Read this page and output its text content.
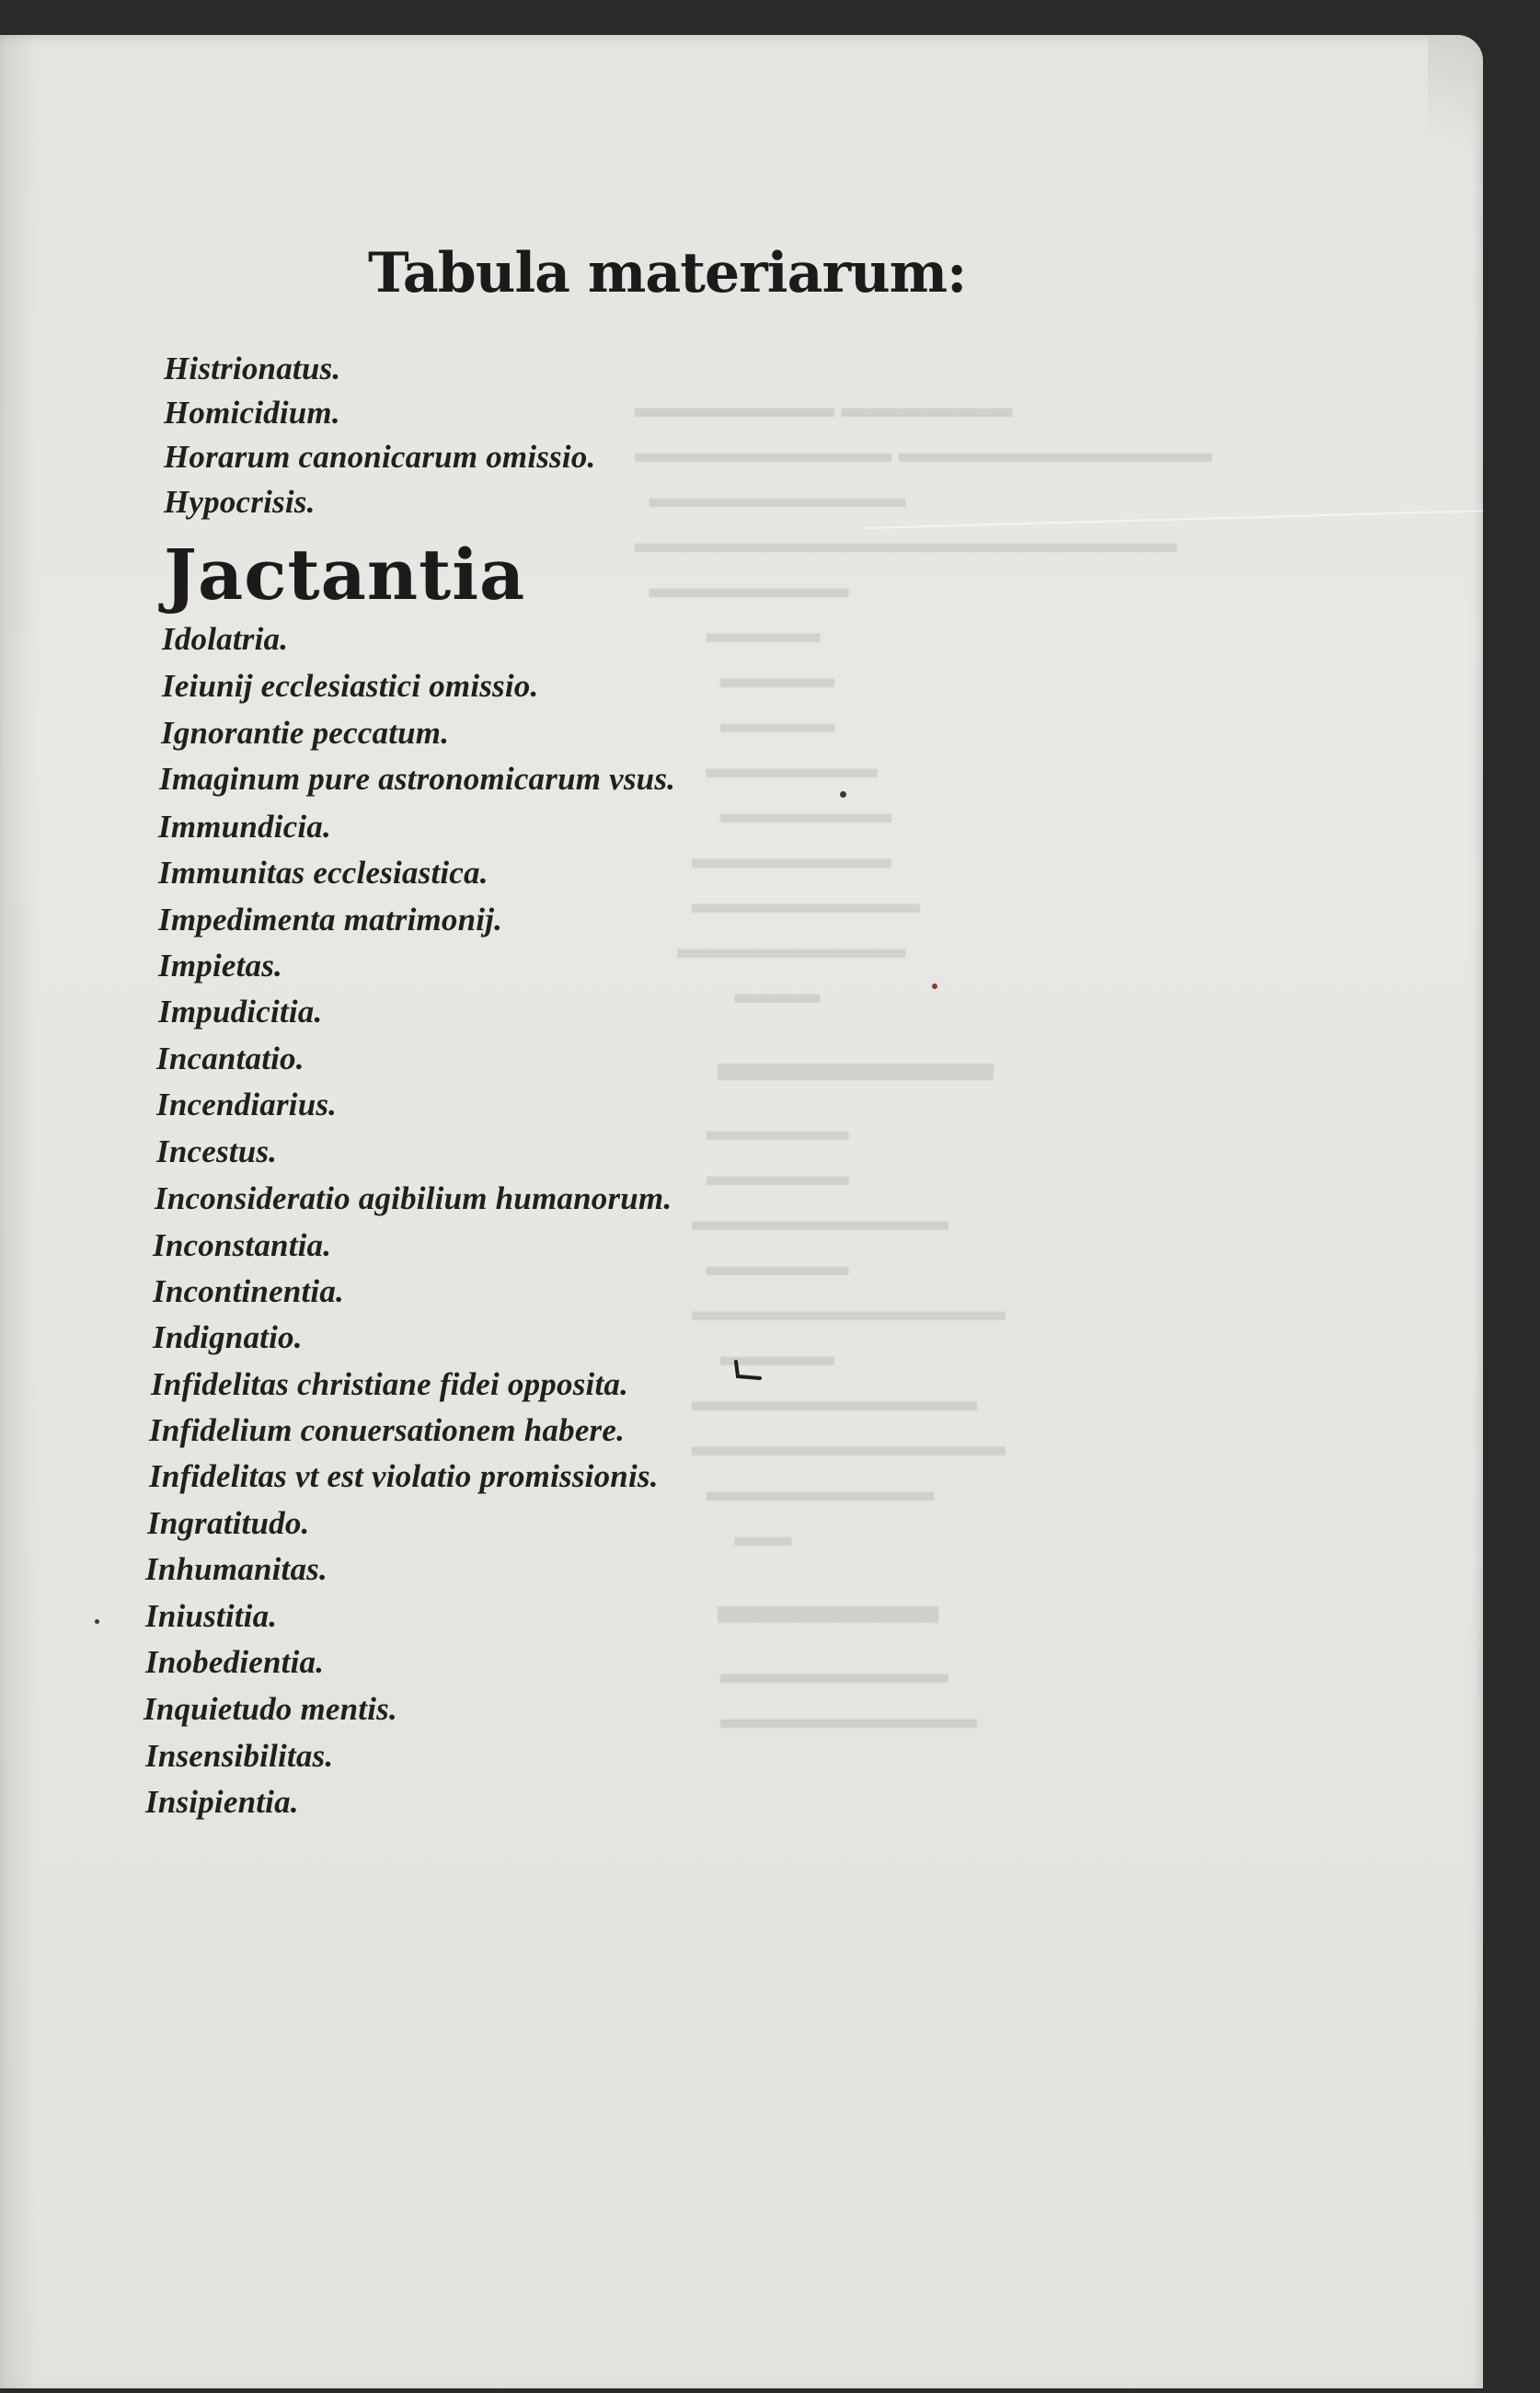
▬▬▬▬▬▬▬ ▬▬▬▬▬▬
▬▬▬▬▬▬▬▬▬ ▬▬▬▬▬▬▬▬▬▬▬
▬▬▬▬▬▬▬▬▬
▬▬▬▬▬▬▬▬▬▬▬▬▬▬▬▬▬▬▬
▬▬▬▬▬▬▬
▬▬▬▬
▬▬▬▬
▬▬▬▬
▬▬▬▬▬▬
▬▬▬▬▬▬
▬▬▬▬▬▬▬
▬▬▬▬▬▬▬▬
▬▬▬▬▬▬▬▬
▬▬▬
▬▬▬▬▬
▬▬▬▬▬
▬▬▬▬▬
▬▬▬▬▬▬▬▬▬
▬▬▬▬▬
▬▬▬▬▬▬▬▬▬▬▬
▬▬▬▬
▬▬▬▬▬▬▬▬▬▬
▬▬▬▬▬▬▬▬▬▬▬
▬▬▬▬▬▬▬▬
▬▬
▬▬▬▬
▬▬▬▬▬▬▬▬
▬▬▬▬▬▬▬▬▬
Tabula materiarum:
Histrionatus.
Homicidium.
Horarum canonicarum omissio.
Hypocrisis.
Jactantia
Idolatria.
Ieiunij ecclesiastici omissio.
Ignorantie peccatum.
Imaginum pure astronomicarum vsus.
Immundicia.
Immunitas ecclesiastica.
Impedimenta matrimonij.
Impietas.
Impudicitia.
Incantatio.
Incendiarius.
Incestus.
Inconsideratio agibilium humanorum.
Inconstantia.
Incontinentia.
Indignatio.
Infidelitas christiane fidei opposita.
Infidelium conuersationem habere.
Infidelitas vt est violatio promissionis.
Ingratitudo.
Inhumanitas.
Iniustitia.
Inobedientia.
Inquietudo mentis.
Insensibilitas.
Insipientia.
